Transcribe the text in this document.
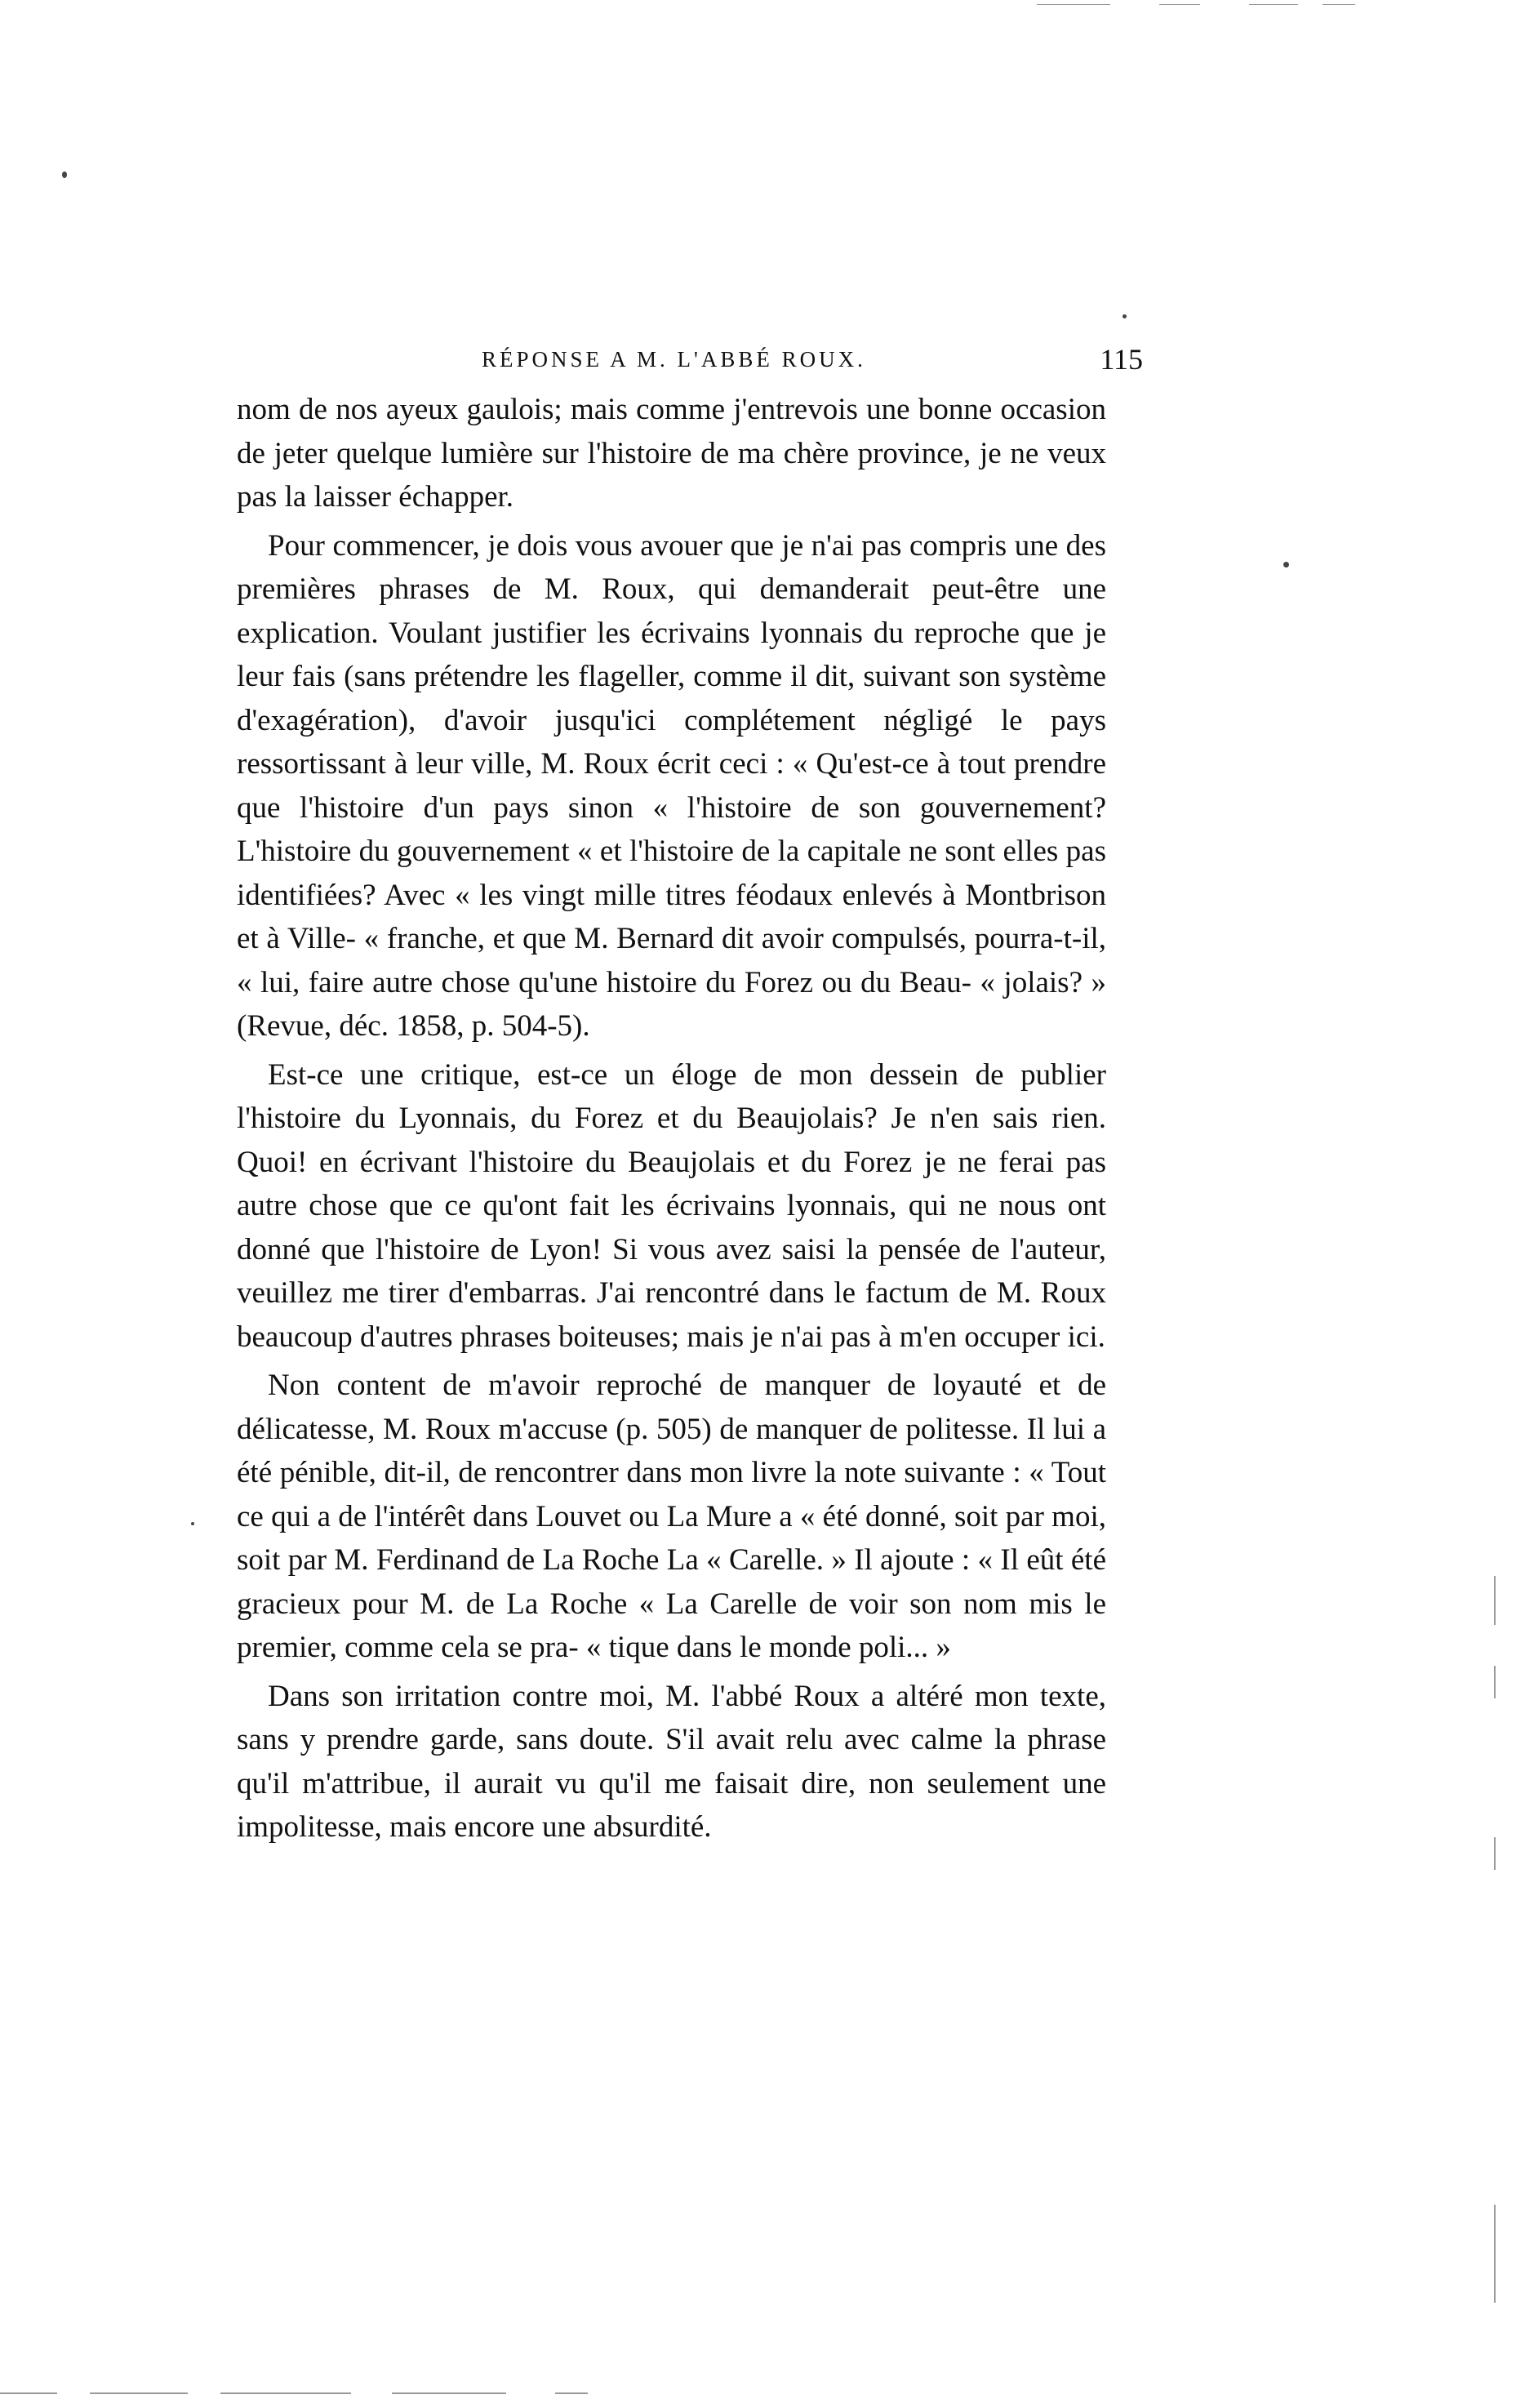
RÉPONSE A M. L'ABBÉ ROUX.	115

nom de nos ayeux gaulois; mais comme j'entrevois une bonne occasion de jeter quelque lumière sur l'histoire de ma chère province, je ne veux pas la laisser échapper.

Pour commencer, je dois vous avouer que je n'ai pas compris une des premières phrases de M. Roux, qui demanderait peut-être une explication. Voulant justifier les écrivains lyonnais du reproche que je leur fais (sans prétendre les flageller, comme il dit, suivant son système d'exagération), d'avoir jusqu'ici complétement négligé le pays ressortissant à leur ville, M. Roux écrit ceci : « Qu'est-ce à tout prendre que l'histoire d'un pays sinon « l'histoire de son gouvernement? L'histoire du gouvernement « et l'histoire de la capitale ne sont elles pas identifiées? Avec « les vingt mille titres féodaux enlevés à Montbrison et à Ville- « franche, et que M. Bernard dit avoir compulsés, pourra-t-il, « lui, faire autre chose qu'une histoire du Forez ou du Beau- « jolais? » (Revue, déc. 1858, p. 504-5).

Est-ce une critique, est-ce un éloge de mon dessein de publier l'histoire du Lyonnais, du Forez et du Beaujolais? Je n'en sais rien. Quoi! en écrivant l'histoire du Beaujolais et du Forez je ne ferai pas autre chose que ce qu'ont fait les écrivains lyonnais, qui ne nous ont donné que l'histoire de Lyon! Si vous avez saisi la pensée de l'auteur, veuillez me tirer d'embarras. J'ai rencontré dans le factum de M. Roux beaucoup d'autres phrases boiteuses; mais je n'ai pas à m'en occuper ici.

Non content de m'avoir reproché de manquer de loyauté et de délicatesse, M. Roux m'accuse (p. 505) de manquer de politesse. Il lui a été pénible, dit-il, de rencontrer dans mon livre la note suivante : « Tout ce qui a de l'intérêt dans Louvet ou La Mure a « été donné, soit par moi, soit par M. Ferdinand de La Roche La « Carelle. » Il ajoute : « Il eût été gracieux pour M. de La Roche « La Carelle de voir son nom mis le premier, comme cela se pra- « tique dans le monde poli... »

Dans son irritation contre moi, M. l'abbé Roux a altéré mon texte, sans y prendre garde, sans doute. S'il avait relu avec calme la phrase qu'il m'attribue, il aurait vu qu'il me faisait dire, non seulement une impolitesse, mais encore une absurdité.
